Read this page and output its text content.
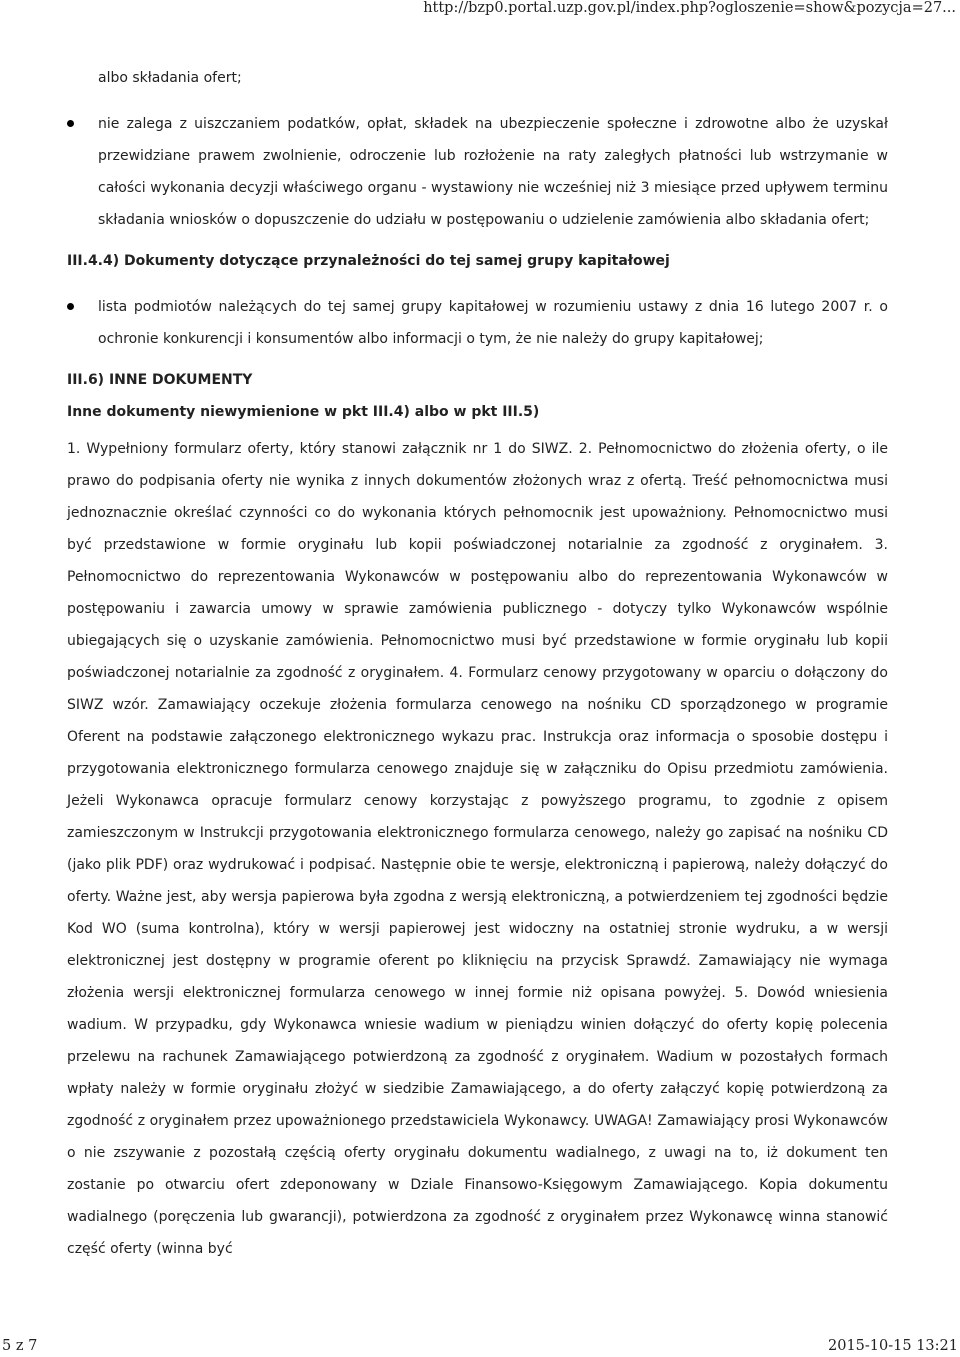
http://bzp0.portal.uzp.gov.pl/index.php?ogloszenie=show&pozycja=27...

albo składania ofert;

nie zalega z uiszczaniem podatków, opłat, składek na ubezpieczenie społeczne i zdrowotne albo że uzyskał przewidziane prawem zwolnienie, odroczenie lub rozłożenie na raty zaległych płatności lub wstrzymanie w całości wykonania decyzji właściwego organu - wystawiony nie wcześniej niż 3 miesiące przed upływem terminu składania wniosków o dopuszczenie do udziału w postępowaniu o udzielenie zamówienia albo składania ofert;

III.4.4) Dokumenty dotyczące przynależności do tej samej grupy kapitałowej

lista podmiotów należących do tej samej grupy kapitałowej w rozumieniu ustawy z dnia 16 lutego 2007 r. o ochronie konkurencji i konsumentów albo informacji o tym, że nie należy do grupy kapitałowej;

III.6) INNE DOKUMENTY

Inne dokumenty niewymienione w pkt III.4) albo w pkt III.5)

1. Wypełniony formularz oferty, który stanowi załącznik nr 1 do SIWZ. 2. Pełnomocnictwo do złożenia oferty, o ile prawo do podpisania oferty nie wynika z innych dokumentów złożonych wraz z ofertą. Treść pełnomocnictwa musi jednoznacznie określać czynności co do wykonania których pełnomocnik jest upoważniony. Pełnomocnictwo musi być przedstawione w formie oryginału lub kopii poświadczonej notarialnie za zgodność z oryginałem. 3. Pełnomocnictwo do reprezentowania Wykonawców w postępowaniu albo do reprezentowania Wykonawców w postępowaniu i zawarcia umowy w sprawie zamówienia publicznego - dotyczy tylko Wykonawców wspólnie ubiegających się o uzyskanie zamówienia. Pełnomocnictwo musi być przedstawione w formie oryginału lub kopii poświadczonej notarialnie za zgodność z oryginałem. 4. Formularz cenowy przygotowany w oparciu o dołączony do SIWZ wzór. Zamawiający oczekuje złożenia formularza cenowego na nośniku CD sporządzonego w programie Oferent na podstawie załączonego elektronicznego wykazu prac. Instrukcja oraz informacja o sposobie dostępu i przygotowania elektronicznego formularza cenowego znajduje się w załączniku do Opisu przedmiotu zamówienia. Jeżeli Wykonawca opracuje formularz cenowy korzystając z powyższego programu, to zgodnie z opisem zamieszczonym w Instrukcji przygotowania elektronicznego formularza cenowego, należy go zapisać na nośniku CD (jako plik PDF) oraz wydrukować i podpisać. Następnie obie te wersje, elektroniczną i papierową, należy dołączyć do oferty. Ważne jest, aby wersja papierowa była zgodna z wersją elektroniczną, a potwierdzeniem tej zgodności będzie Kod WO (suma kontrolna), który w wersji papierowej jest widoczny na ostatniej stronie wydruku, a w wersji elektronicznej jest dostępny w programie oferent po kliknięciu na przycisk Sprawdź. Zamawiający nie wymaga złożenia wersji elektronicznej formularza cenowego w innej formie niż opisana powyżej. 5. Dowód wniesienia wadium. W przypadku, gdy Wykonawca wniesie wadium w pieniądzu winien dołączyć do oferty kopię polecenia przelewu na rachunek Zamawiającego potwierdzoną za zgodność z oryginałem. Wadium w pozostałych formach wpłaty należy w formie oryginału złożyć w siedzibie Zamawiającego, a do oferty załączyć kopię potwierdzoną za zgodność z oryginałem przez upoważnionego przedstawiciela Wykonawcy. UWAGA! Zamawiający prosi Wykonawców o nie zszywanie z pozostałą częścią oferty oryginału dokumentu wadialnego, z uwagi na to, iż dokument ten zostanie po otwarciu ofert zdeponowany w Dziale Finansowo-Księgowym Zamawiającego. Kopia dokumentu wadialnego (poręczenia lub gwarancji), potwierdzona za zgodność z oryginałem przez Wykonawcę winna stanowić część oferty (winna być

5 z 7	2015-10-15 13:21
